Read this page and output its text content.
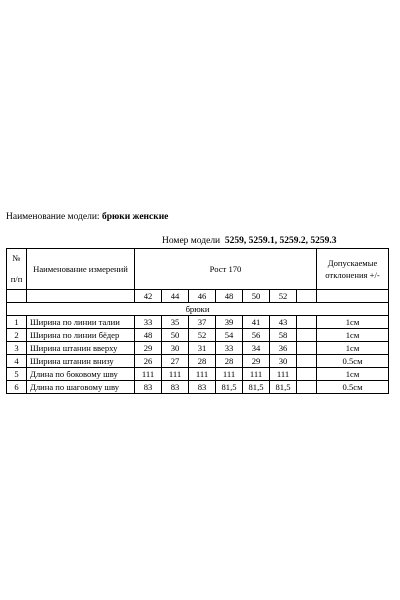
Наименование модели: брюки женские
Номер модели 5259, 5259.1, 5259.2, 5259.3
№
п/п	Наименование измерений	Рост 170							Допускаемые отклонения +/-
		42	44	46	48	50	52		
брюки									
1	Ширина по линии талии	33	35	37	39	41	43		1см
2	Ширина по линии бёдер	48	50	52	54	56	58		1см
3	Ширина штанин вверху	29	30	31	33	34	36		1см
4	Ширина штанин внизу	26	27	28	28	29	30		0.5см
5	Длина по боковому шву	111	111	111	111	111	111		1см
6	Длина по шаговому шву	83	83	83	81,5	81,5	81,5		0.5см
